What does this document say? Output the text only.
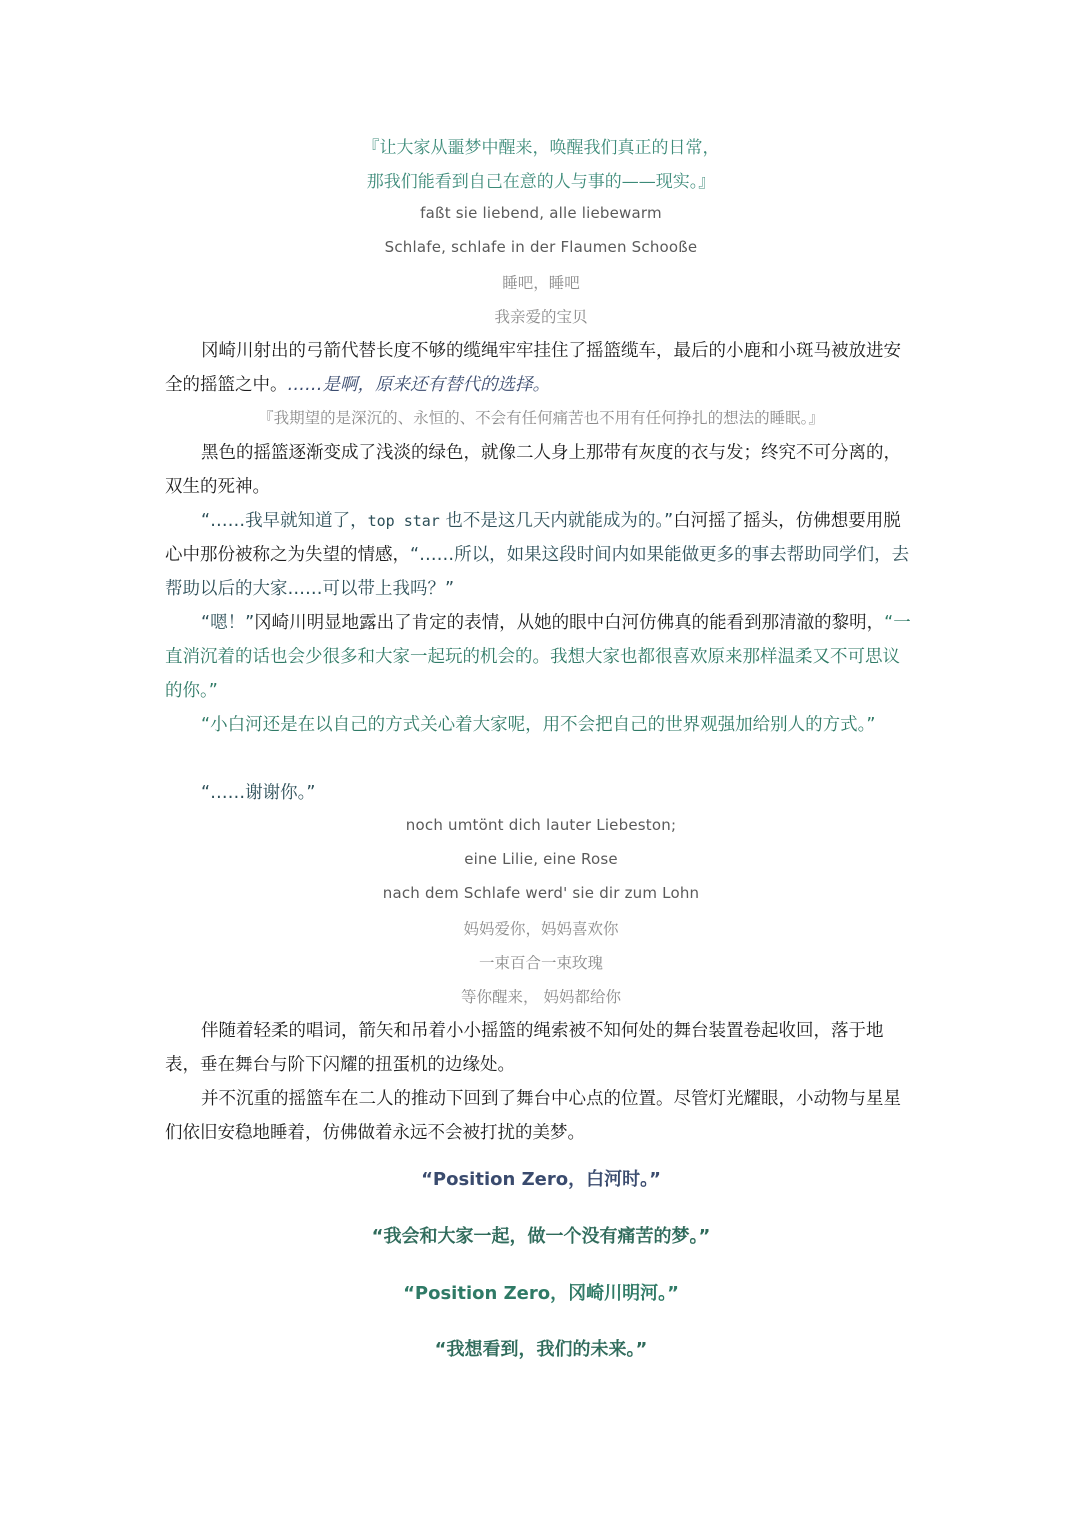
『让大家从噩梦中醒来，唤醒我们真正的日常，
那我们能看到自己在意的人与事的——现实。』
faßt sie liebend, alle liebewarm
Schlafe, schlafe in der Flaumen Schooße
睡吧，睡吧
我亲爱的宝贝
冈崎川射出的弓箭代替长度不够的缆绳牢牢挂住了摇篮缆车，最后的小鹿和小斑马被放进安全的摇篮之中。……是啊，原来还有替代的选择。
『我期望的是深沉的、永恒的、不会有任何痛苦也不用有任何挣扎的想法的睡眠。』
黑色的摇篮逐渐变成了浅淡的绿色，就像二人身上那带有灰度的衣与发；终究不可分离的，双生的死神。
“……我早就知道了，top star 也不是这几天内就能成为的。”白河摇了摇头，仿佛想要用脱心中那份被称之为失望的情感，“……所以，如果这段时间内如果能做更多的事去帮助同学们，去帮助以后的大家……可以带上我吗？”
“嗯！”冈崎川明显地露出了肯定的表情，从她的眼中白河仿佛真的能看到那清澈的黎明，“一直消沉着的话也会少很多和大家一起玩的机会的。我想大家也都很喜欢原来那样温柔又不可思议的你。”
“小白河还是在以自己的方式关心着大家呢，用不会把自己的世界观强加给别人的方式。”
“……谢谢你。”
noch umtönt dich lauter Liebeston;
eine Lilie, eine Rose
nach dem Schlafe werd' sie dir zum Lohn
妈妈爱你，妈妈喜欢你
一束百合一束玫瑰
等你醒来， 妈妈都给你
伴随着轻柔的唱词，箭矢和吊着小小摇篮的绳索被不知何处的舞台装置卷起收回，落于地表，垂在舞台与阶下闪耀的扭蛋机的边缘处。
并不沉重的摇篮车在二人的推动下回到了舞台中心点的位置。尽管灯光耀眼，小动物与星星们依旧安稳地睡着，仿佛做着永远不会被打扰的美梦。
“Position Zero，白河时。”
“我会和大家一起，做一个没有痛苦的梦。”
“Position Zero，冈崎川明河。”
“我想看到，我们的未来。”
